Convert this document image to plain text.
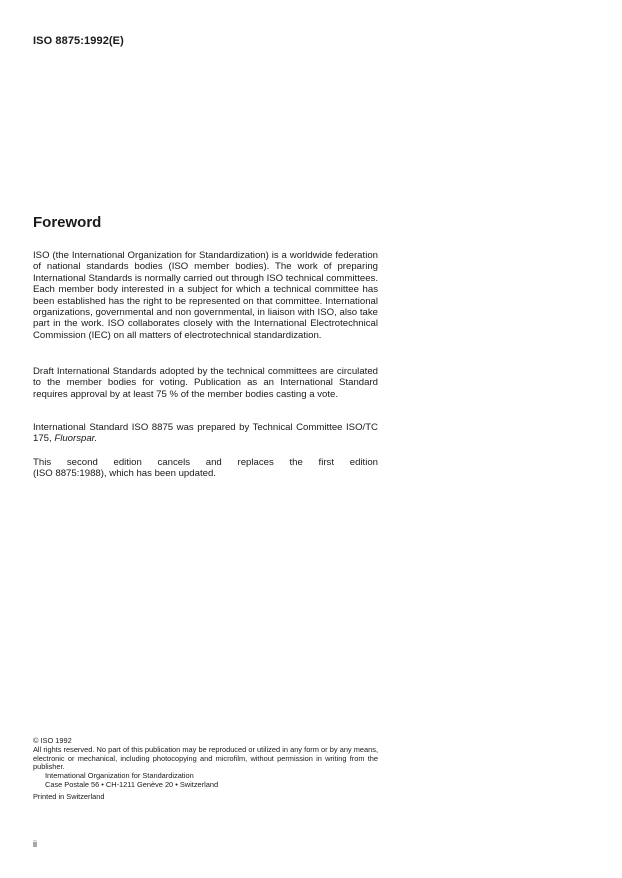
ISO 8875:1992(E)
Foreword
ISO (the International Organization for Standardization) is a worldwide federation of national standards bodies (ISO member bodies). The work of preparing International Standards is normally carried out through ISO technical committees. Each member body interested in a subject for which a technical committee has been established has the right to be represented on that committee. International organizations, governmental and non governmental, in liaison with ISO, also take part in the work. ISO collaborates closely with the International Electrotechnical Commission (IEC) on all matters of electrotechnical standardization.
Draft International Standards adopted by the technical committees are circulated to the member bodies for voting. Publication as an International Standard requires approval by at least 75 % of the member bodies casting a vote.
International Standard ISO 8875 was prepared by Technical Committee ISO/TC 175, Fluorspar.
This second edition cancels and replaces the first edition
(ISO 8875:1988), which has been updated.
© ISO 1992
All rights reserved. No part of this publication may be reproduced or utilized in any form or by any means, electronic or mechanical, including photocopying and microfilm, without permission in writing from the publisher.
International Organization for Standardization
Case Postale 56 • CH-1211 Genève 20 • Switzerland
Printed in Switzerland
ii
